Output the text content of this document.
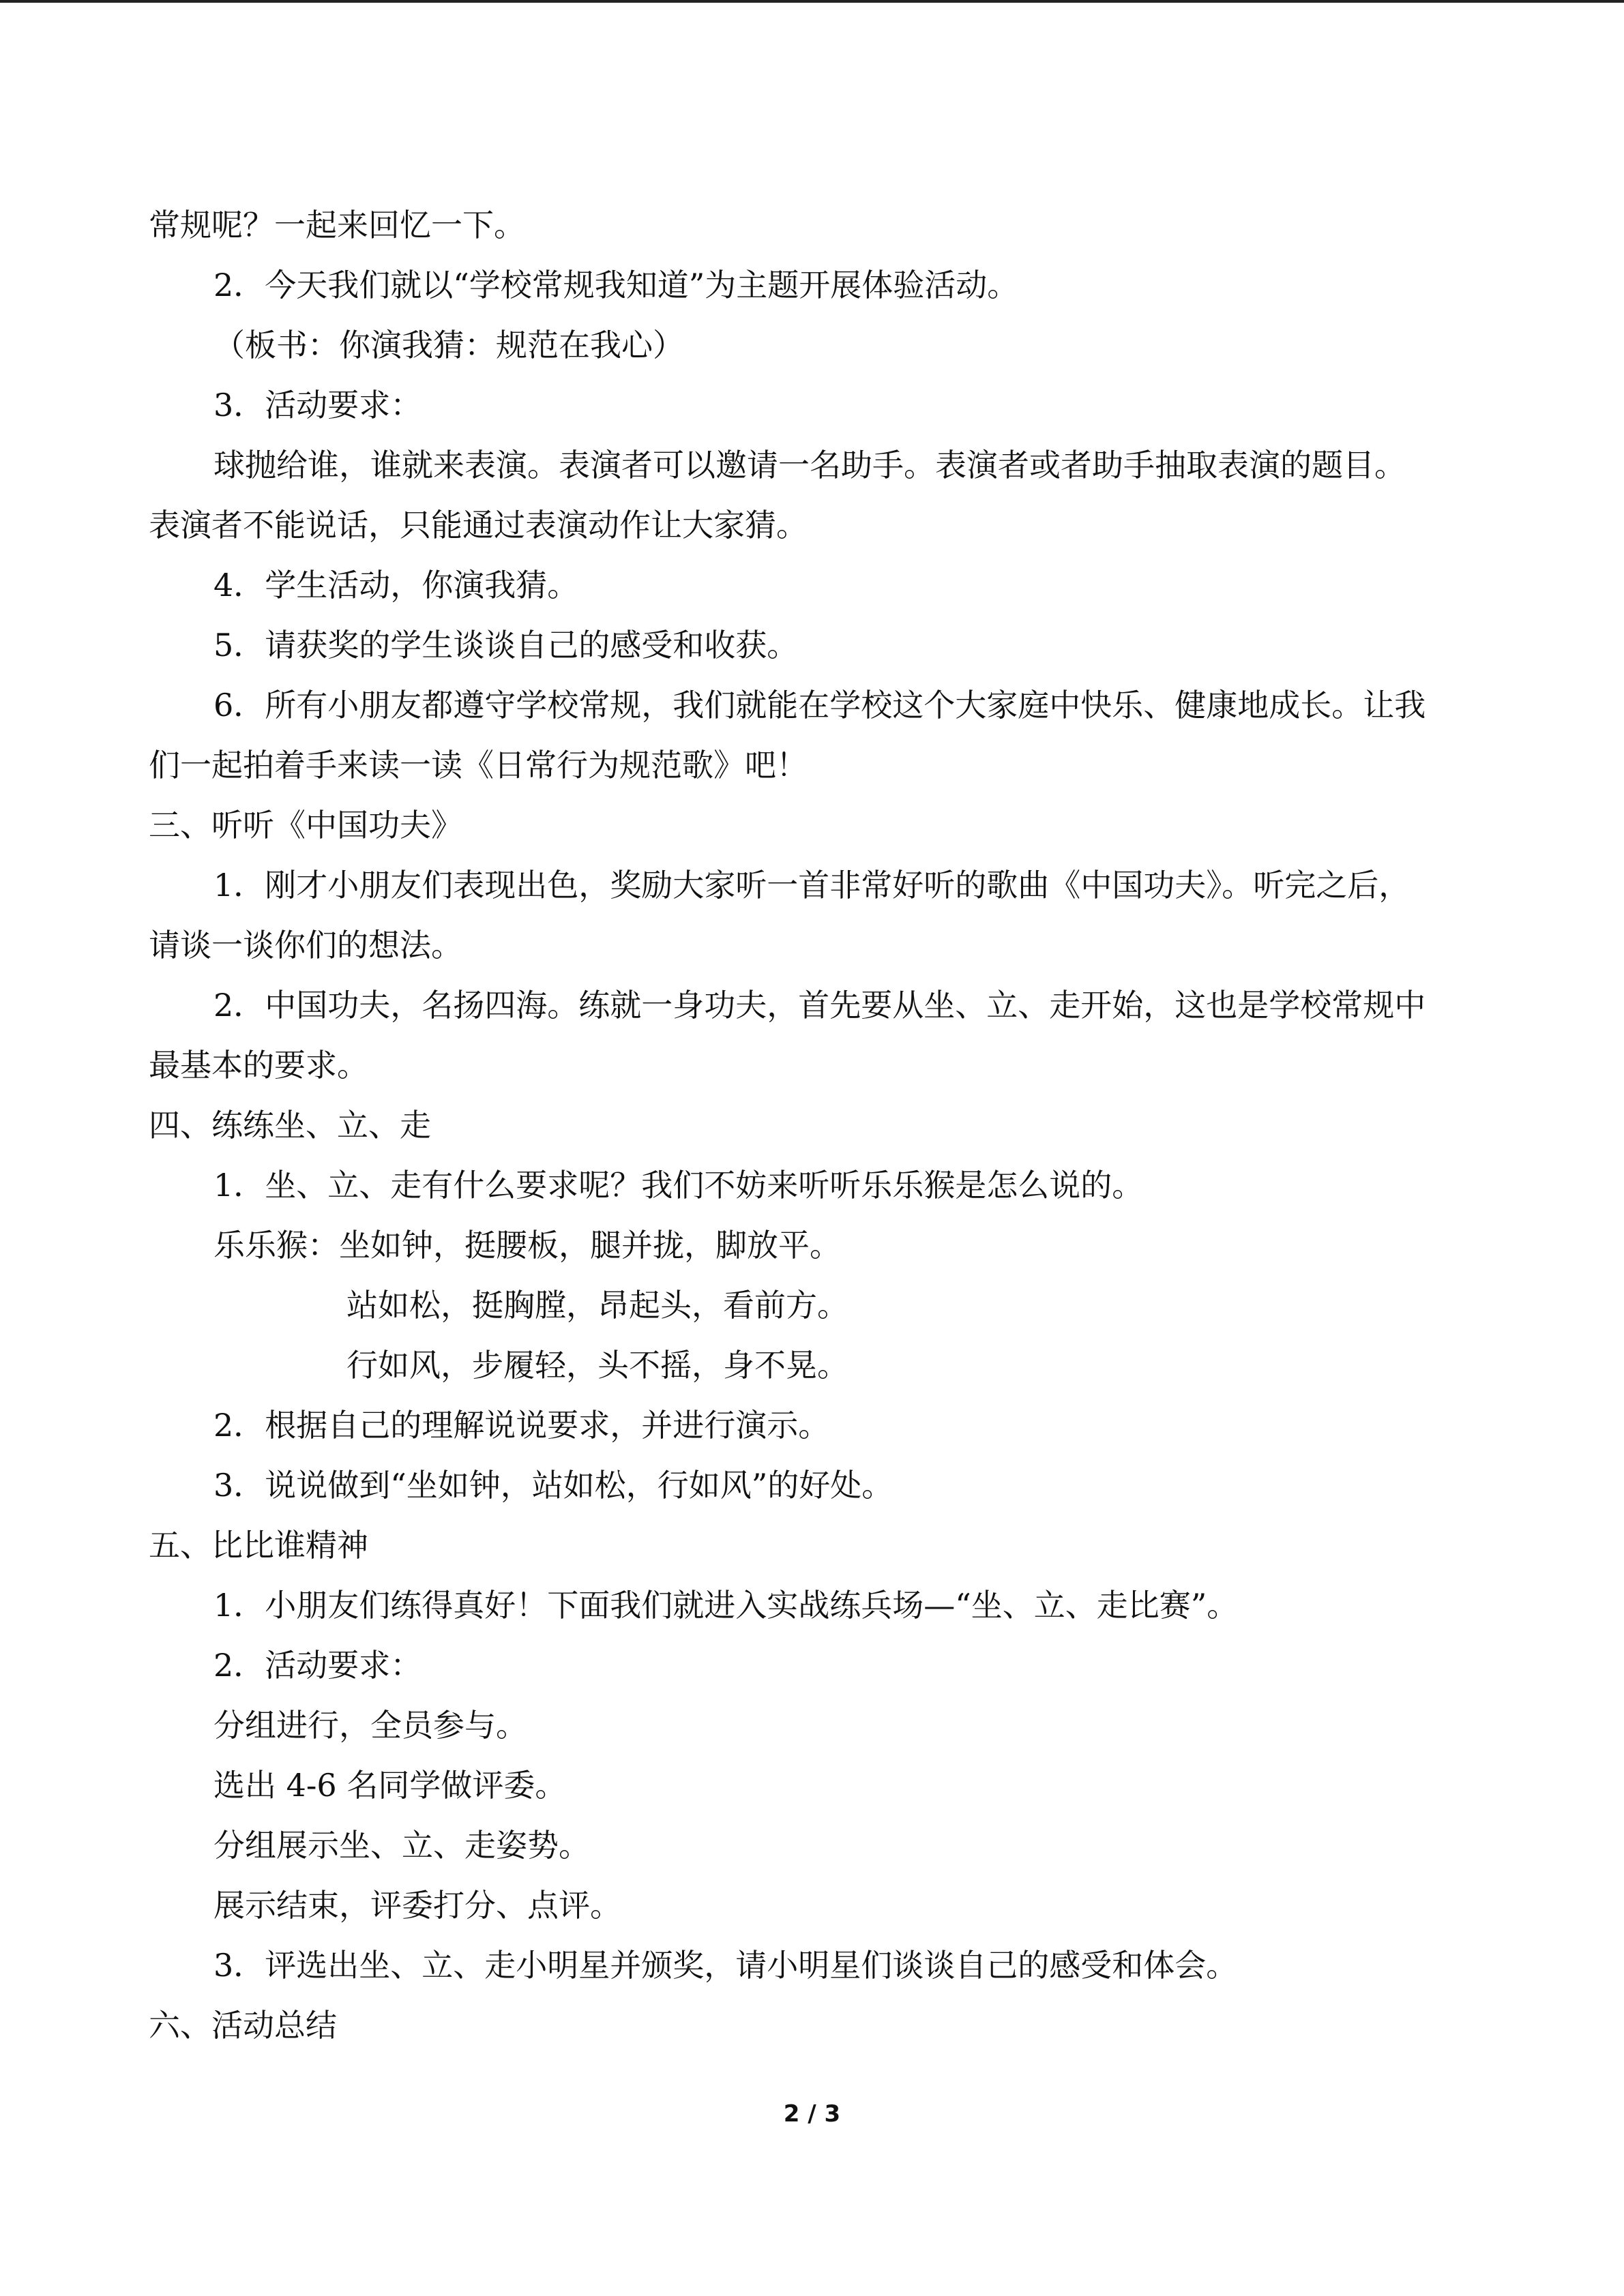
常规呢？一起来回忆一下。
2．今天我们就以“学校常规我知道”为主题开展体验活动。
（板书：你演我猜：规范在我心）
3．活动要求：
球抛给谁，谁就来表演。表演者可以邀请一名助手。表演者或者助手抽取表演的题目。
表演者不能说话，只能通过表演动作让大家猜。
4．学生活动，你演我猜。
5．请获奖的学生谈谈自己的感受和收获。
6．所有小朋友都遵守学校常规，我们就能在学校这个大家庭中快乐、健康地成长。让我
们一起拍着手来读一读《日常行为规范歌》吧！
三、听听《中国功夫》
1．刚才小朋友们表现出色，奖励大家听一首非常好听的歌曲《中国功夫》。听完之后，
请谈一谈你们的想法。
2．中国功夫，名扬四海。练就一身功夫，首先要从坐、立、走开始，这也是学校常规中
最基本的要求。
四、练练坐、立、走
1．坐、立、走有什么要求呢？我们不妨来听听乐乐猴是怎么说的。
乐乐猴：坐如钟，挺腰板，腿并拢，脚放平。
站如松，挺胸膛，昂起头，看前方。
行如风，步履轻，头不摇，身不晃。
2．根据自己的理解说说要求，并进行演示。
3．说说做到“坐如钟，站如松，行如风”的好处。
五、比比谁精神
1．小朋友们练得真好！下面我们就进入实战练兵场—“坐、立、走比赛”。
2．活动要求：
分组进行，全员参与。
选出 4-6 名同学做评委。
分组展示坐、立、走姿势。
展示结束，评委打分、点评。
3．评选出坐、立、走小明星并颁奖，请小明星们谈谈自己的感受和体会。
六、活动总结
2 / 3
